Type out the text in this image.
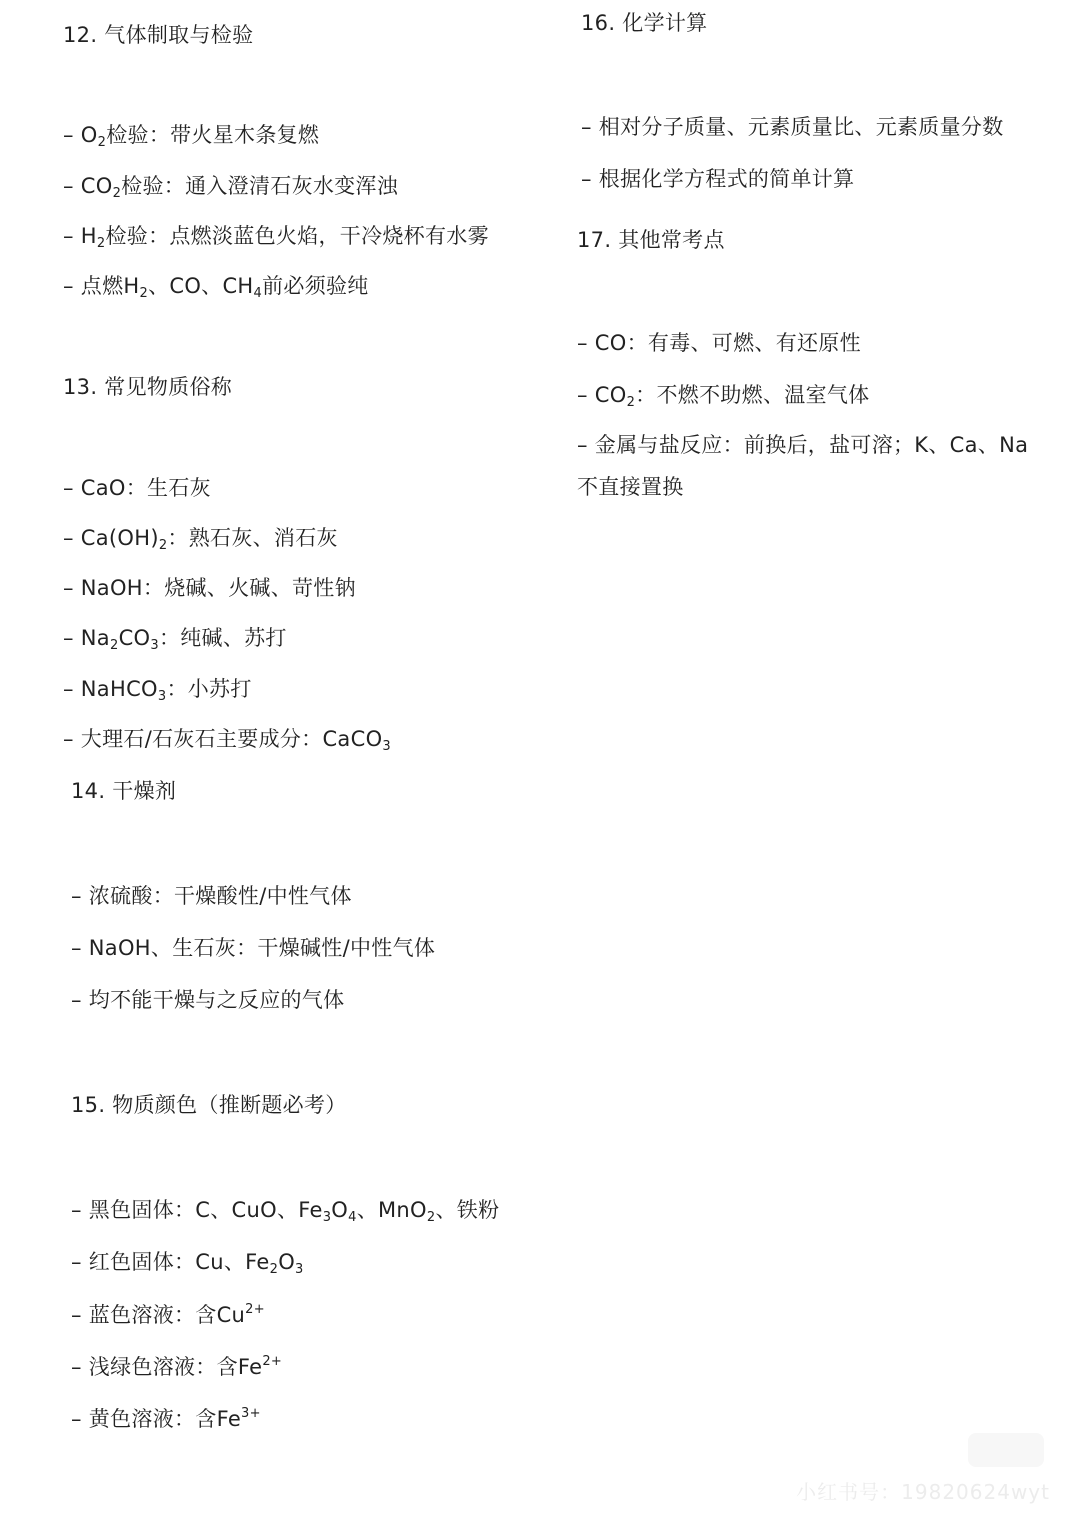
12. 气体制取与检验
– $O_2$检验：带火星木条复燃
– $CO_2$检验：通入澄清石灰水变浑浊
– $H_2$检验：点燃淡蓝色火焰，干冷烧杯有水雾
– 点燃$H_2$、CO、$CH_4$前必须验纯
13. 常见物质俗称
– CaO：生石灰
– $Ca(OH)_2$：熟石灰、消石灰
– NaOH：烧碱、火碱、苛性钠
– $Na_2CO_3$：纯碱、苏打
– NaHCO$_3$：小苏打
– 大理石/石灰石主要成分：CaCO$_3$
14. 干燥剂
– 浓硫酸：干燥酸性/中性气体
– NaOH、生石灰：干燥碱性/中性气体
– 均不能干燥与之反应的气体
15. 物质颜色（推断题必考）
– 黑色固体：C、CuO、$Fe_3O_4$、MnO$_2$、铁粉
– 红色固体：Cu、$Fe_2O_3$
– 蓝色溶液：含$Cu^{2+}$
– 浅绿色溶液：含$Fe^{2+}$
– 黄色溶液：含$Fe^{3+}$
16. 化学计算
– 相对分子质量、元素质量比、元素质量分数
– 根据化学方程式的简单计算
17. 其他常考点
– CO：有毒、可燃、有还原性
– $CO_2$：不燃不助燃、温室气体
– 金属与盐反应：前换后，盐可溶；K、Ca、Na不直接置换
小红书号：19820624wyt
